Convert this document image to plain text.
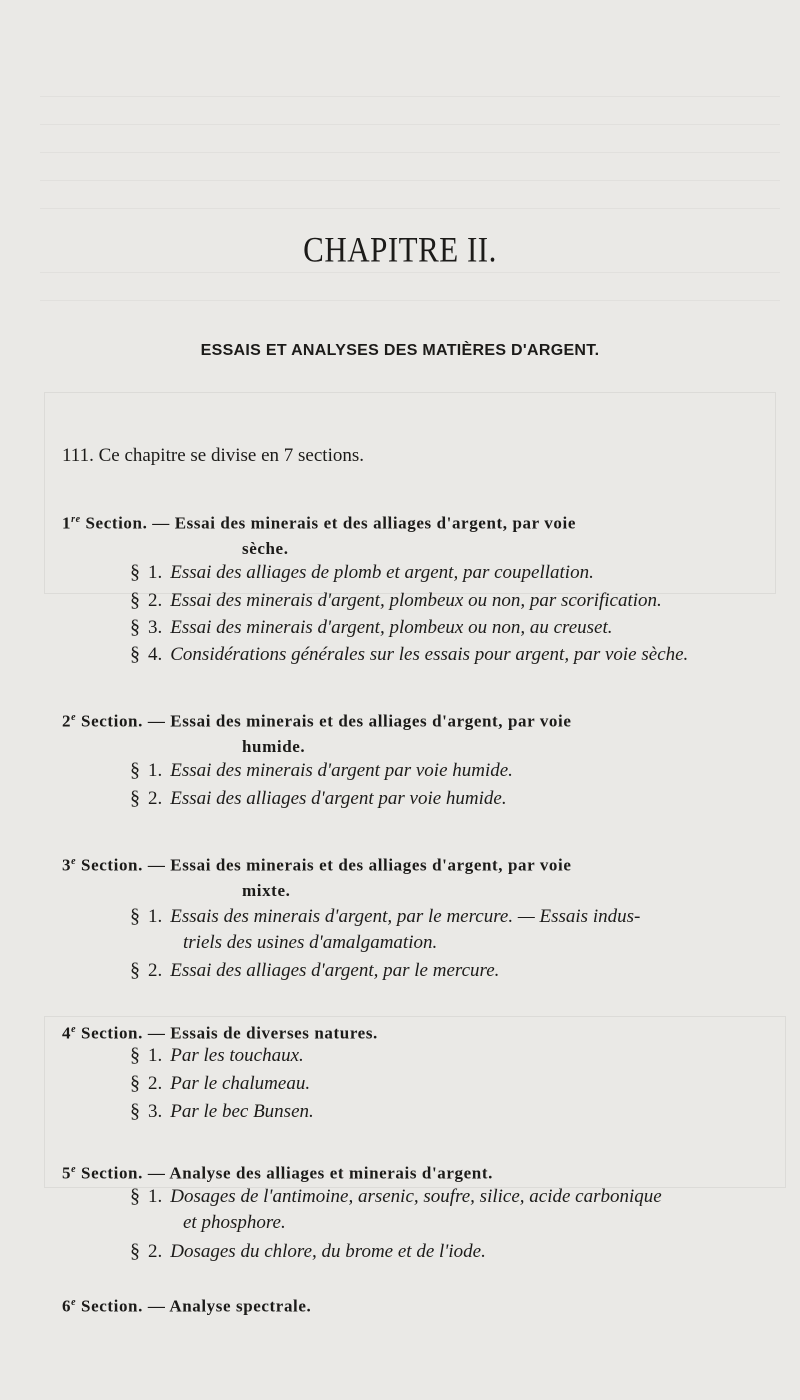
CHAPITRE II.
ESSAIS ET ANALYSES DES MATIÈRES D'ARGENT.
111. Ce chapitre se divise en 7 sections.
1re Section. — Essai des minerais et des alliages d'argent, par voie
sèche.
§ 1. Essai des alliages de plomb et argent, par coupellation.
§ 2. Essai des minerais d'argent, plombeux ou non, par scorification.
§ 3. Essai des minerais d'argent, plombeux ou non, au creuset.
§ 4. Considérations générales sur les essais pour argent, par voie sèche.
2e Section. — Essai des minerais et des alliages d'argent, par voie
humide.
§ 1. Essai des minerais d'argent par voie humide.
§ 2. Essai des alliages d'argent par voie humide.
3e Section. — Essai des minerais et des alliages d'argent, par voie
mixte.
§ 1. Essais des minerais d'argent, par le mercure. — Essais indus-
triels des usines d'amalgamation.
§ 2. Essai des alliages d'argent, par le mercure.
4e Section. — Essais de diverses natures.
§ 1. Par les touchaux.
§ 2. Par le chalumeau.
§ 3. Par le bec Bunsen.
5e Section. — Analyse des alliages et minerais d'argent.
§ 1. Dosages de l'antimoine, arsenic, soufre, silice, acide carbonique
et phosphore.
§ 2. Dosages du chlore, du brome et de l'iode.
6e Section. — Analyse spectrale.
